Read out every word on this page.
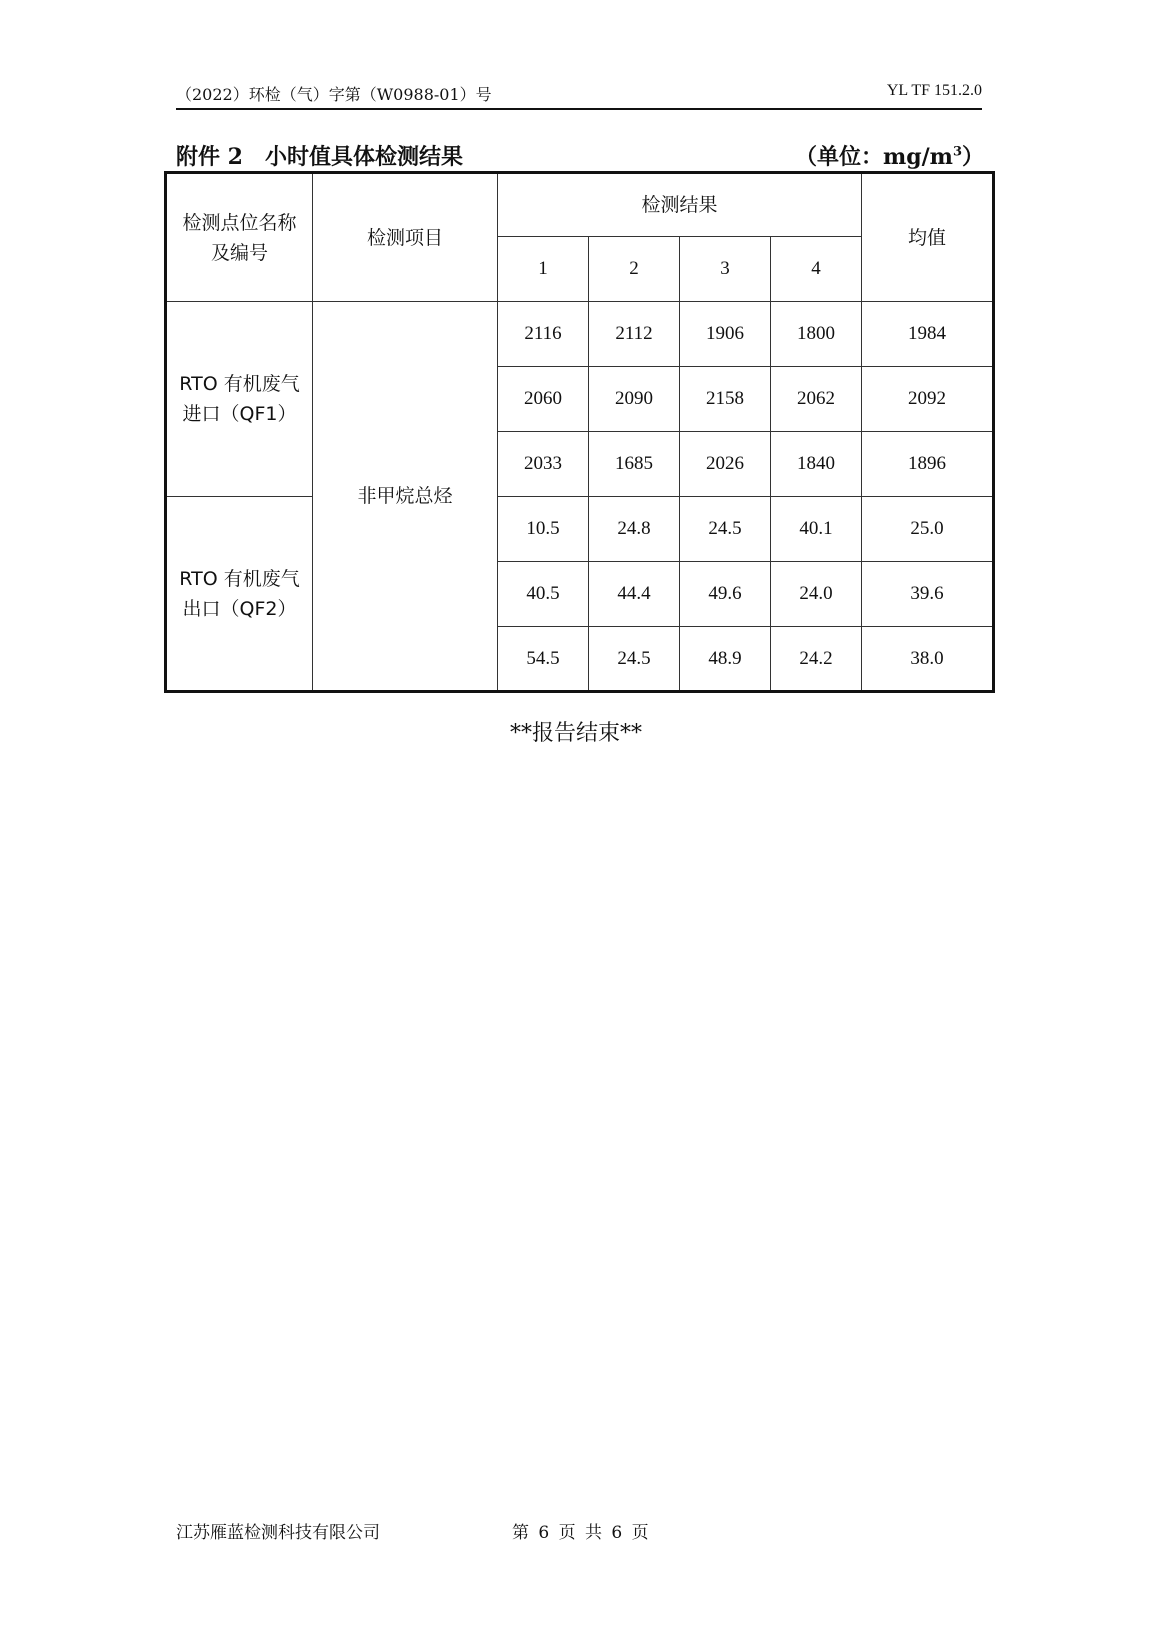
（2022）环检（气）字第（W0988-01）号	YL TF 151.2.0
附件 2　小时值具体检测结果	（单位：$mg/m^3$）
检测点位名称
及编号	检测项目	检测结果				均值
		1	2	3	4	

RTO 有机废气
进口（QF1）	非甲烷总烃	2116	2112	1906	1800	1984
		2060	2090	2158	2062	2092
		2033	1685	2026	1840	1896

RTO 有机废气
出口（QF2）		10.5	24.8	24.5	40.1	25.0
		40.5	44.4	49.6	24.0	39.6
		54.5	24.5	48.9	24.2	38.0
**报告结束**
江苏雁蓝检测科技有限公司	第 6 页 共 6 页
